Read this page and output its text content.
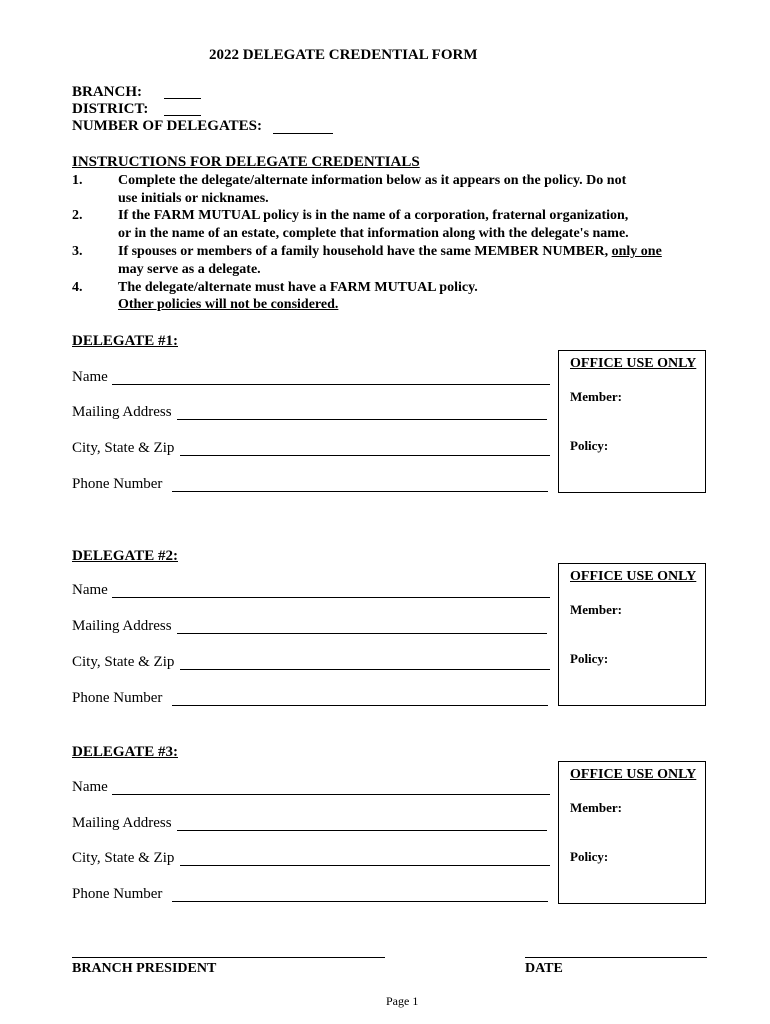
2022 DELEGATE CREDENTIAL FORM
BRANCH:
DISTRICT:
NUMBER OF DELEGATES:
INSTRUCTIONS FOR DELEGATE CREDENTIALS
1.	Complete the delegate/alternate information below as it appears on the policy. Do not
use initials or nicknames.
2.	If the FARM MUTUAL policy is in the name of a corporation, fraternal organization,
or in the name of an estate, complete that information along with the delegate's name.
3.	If spouses or members of a family household have the same MEMBER NUMBER, only one
may serve as a delegate.
4.	The delegate/alternate must have a FARM MUTUAL policy.
Other policies will not be considered.
DELEGATE #1:
Name
Mailing Address
City, State & Zip
Phone Number
OFFICE USE ONLY
Member:
Policy:
DELEGATE #2:
Name
Mailing Address
City, State & Zip
Phone Number
OFFICE USE ONLY
Member:
Policy:
DELEGATE #3:
Name
Mailing Address
City, State & Zip
Phone Number
OFFICE USE ONLY
Member:
Policy:
BRANCH PRESIDENT	DATE
Page 1
